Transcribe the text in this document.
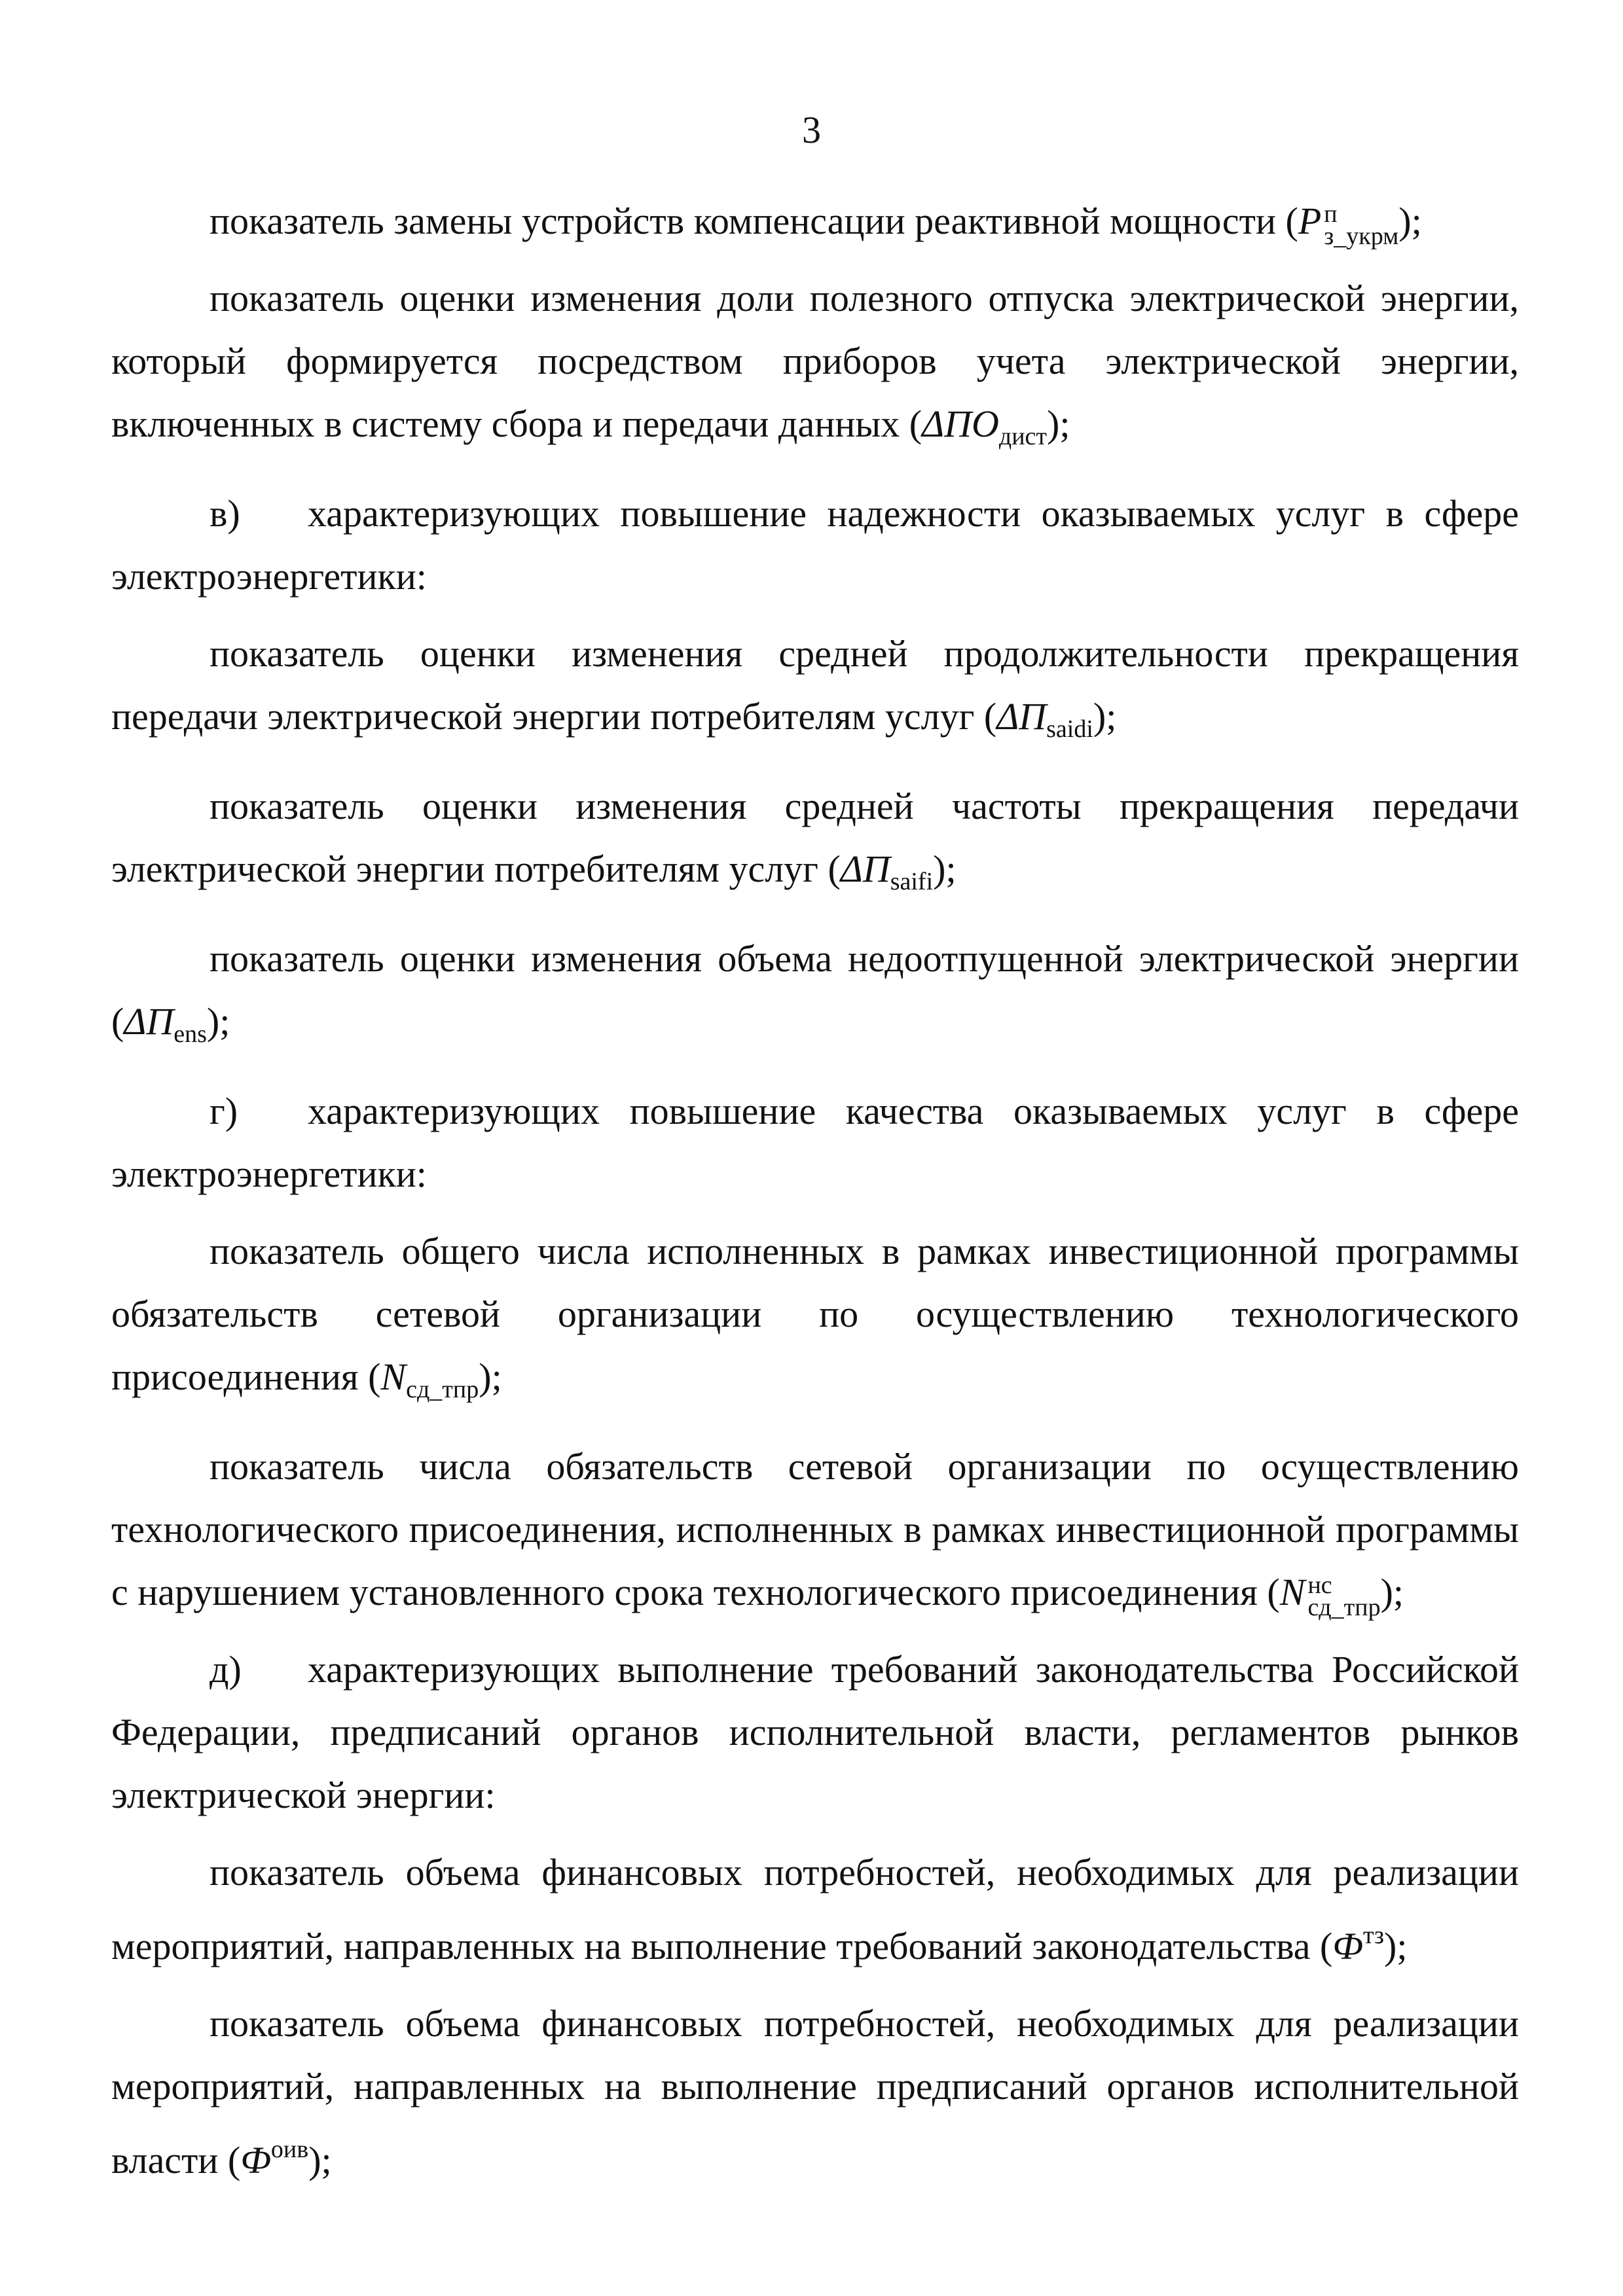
3

показатель замены устройств компенсации реактивной мощности (P п
з_укрм );

показатель оценки изменения доли полезного отпуска электрической энергии, который формируется посредством приборов учета электрической энергии, включенных в систему сбора и передачи данных $(\Delta ПО_{дист})$;

в) характеризующих повышение надежности оказываемых услуг в сфере электроэнергетики:

показатель оценки изменения средней продолжительности прекращения передачи электрической энергии потребителям услуг $(\Delta П_{saidi})$;

показатель оценки изменения средней частоты прекращения передачи электрической энергии потребителям услуг $(\Delta П_{saifi})$;

показатель оценки изменения объема недоотпущенной электрической энергии $(\Delta П_{ens})$;

г) характеризующих повышение качества оказываемых услуг в сфере электроэнергетики:

показатель общего числа исполненных в рамках инвестиционной программы обязательств сетевой организации по осуществлению технологического присоединения $(N_{сд\_тпр})$;

показатель числа обязательств сетевой организации по осуществлению технологического присоединения, исполненных в рамках инвестиционной программы с нарушением установленного срока технологического присоединения (N нс
сд_тпр );

д) характеризующих выполнение требований законодательства Российской Федерации, предписаний органов исполнительной власти, регламентов рынков электрической энергии:

показатель объема финансовых потребностей, необходимых для реализации мероприятий, направленных на выполнение требований законодательства $(Ф^{тз})$;

показатель объема финансовых потребностей, необходимых для реализации мероприятий, направленных на выполнение предписаний органов исполнительной власти $(Ф^{оив})$;
